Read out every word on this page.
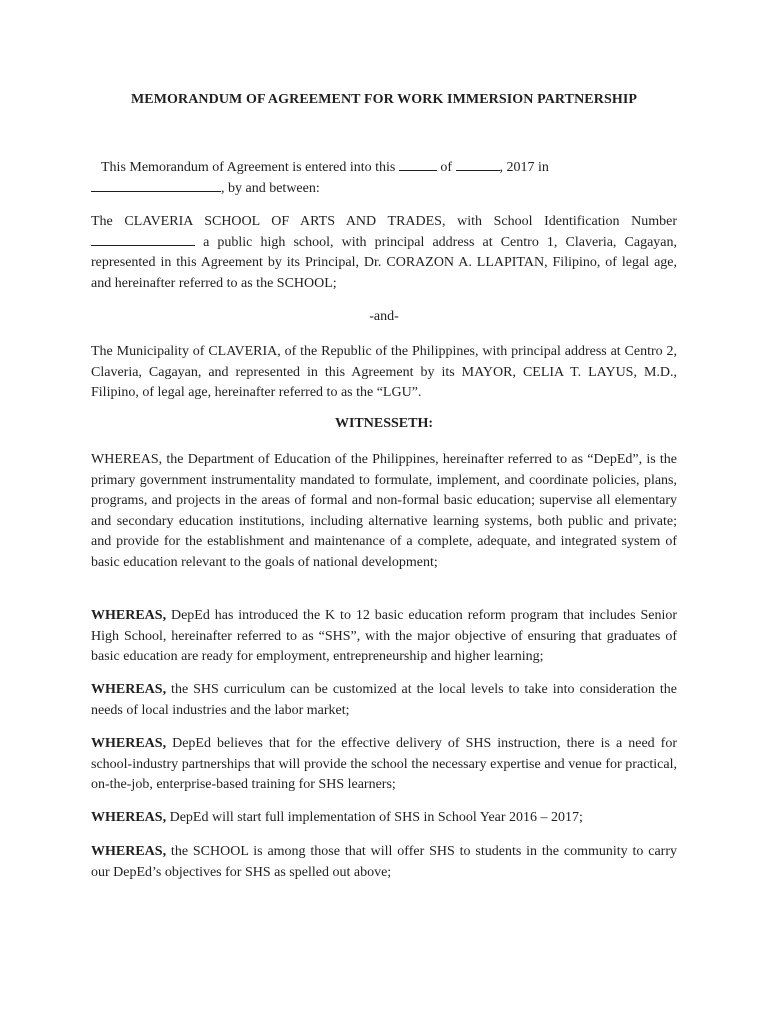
MEMORANDUM OF AGREEMENT FOR WORK IMMERSION PARTNERSHIP
This Memorandum of Agreement is entered into this	of	, 2017 in
, by and between:
The CLAVERIA SCHOOL OF ARTS AND TRADES, with School Identification Number  a public high school, with principal address at Centro 1, Claveria, Cagayan, represented in this Agreement by its Principal, Dr. CORAZON A. LLAPITAN, Filipino, of legal age, and hereinafter referred to as the SCHOOL;
-and-
The Municipality of CLAVERIA, of the Republic of the Philippines, with principal address at Centro 2, Claveria, Cagayan, and represented in this Agreement by its MAYOR, CELIA T. LAYUS, M.D., Filipino, of legal age, hereinafter referred to as the “LGU”.
WITNESSETH:
WHEREAS, the Department of Education of the Philippines, hereinafter referred to as “DepEd”, is the primary government instrumentality mandated to formulate, implement, and coordinate policies, plans, programs, and projects in the areas of formal and non-formal basic education; supervise all elementary and secondary education institutions, including alternative learning systems, both public and private; and provide for the establishment and maintenance of a complete, adequate, and integrated system of basic education relevant to the goals of national development;
WHEREAS, DepEd has introduced the K to 12 basic education reform program that includes Senior High School, hereinafter referred to as “SHS”, with the major objective of ensuring that graduates of basic education are ready for employment, entrepreneurship and higher learning;
WHEREAS, the SHS curriculum can be customized at the local levels to take into consideration the needs of local industries and the labor market;
WHEREAS, DepEd believes that for the effective delivery of SHS instruction, there is a need for school-industry partnerships that will provide the school the necessary expertise and venue for practical, on-the-job, enterprise-based training for SHS learners;
WHEREAS, DepEd will start full implementation of SHS in School Year 2016 – 2017;
WHEREAS, the SCHOOL is among those that will offer SHS to students in the community to carry our DepEd’s objectives for SHS as spelled out above;
